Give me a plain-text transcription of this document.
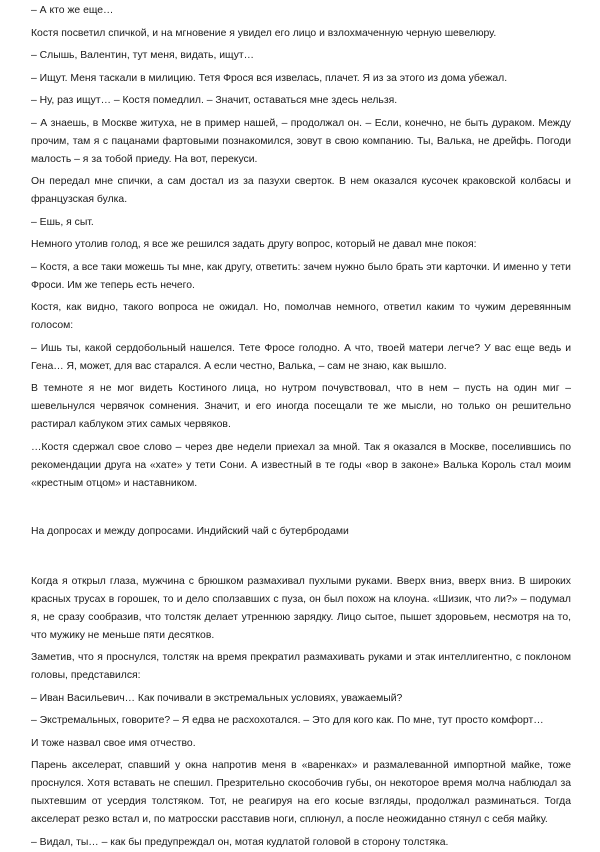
– А кто же еще…

Костя посветил спичкой, и на мгновение я увидел его лицо и взлохмаченную черную шевелюру.

– Слышь, Валентин, тут меня, видать, ищут…

– Ищут. Меня таскали в милицию. Тетя Фрося вся извелась, плачет. Я из за этого из дома убежал.

– Ну, раз ищут… – Костя помедлил. – Значит, оставаться мне здесь нельзя.

– А знаешь, в Москве житуха, не в пример нашей, – продолжал он. – Если, конечно, не быть дураком. Между прочим, там я с пацанами фартовыми познакомился, зовут в свою компанию. Ты, Валька, не дрейфь. Погоди малость – я за тобой приеду. На вот, перекуси.

Он передал мне спички, а сам достал из за пазухи сверток. В нем оказался кусочек краковской колбасы и французская булка.

– Ешь, я сыт.

Немного утолив голод, я все же решился задать другу вопрос, который не давал мне покоя:

– Костя, а все таки можешь ты мне, как другу, ответить: зачем нужно было брать эти карточки. И именно у тети Фроси. Им же теперь есть нечего.

Костя, как видно, такого вопроса не ожидал. Но, помолчав немного, ответил каким то чужим деревянным голосом:

– Ишь ты, какой сердобольный нашелся. Тете Фросе голодно. А что, твоей матери легче? У вас еще ведь и Гена… Я, может, для вас старался. А если честно, Валька, – сам не знаю, как вышло.

В темноте я не мог видеть Костиного лица, но нутром почувствовал, что в нем – пусть на один миг – шевельнулся червячок сомнения. Значит, и его иногда посещали те же мысли, но только он решительно растирал каблуком этих самых червяков.

…Костя сдержал свое слово – через две недели приехал за мной. Так я оказался в Москве, поселившись по рекомендации друга на «хате» у тети Сони. А известный в те годы «вор в законе» Валька Король стал моим «крестным отцом» и наставником.

На допросах и между допросами. Индийский чай с бутербродами

Когда я открыл глаза, мужчина с брюшком размахивал пухлыми руками. Вверх вниз, вверх вниз. В широких красных трусах в горошек, то и дело сползавших с пуза, он был похож на клоуна. «Шизик, что ли?» – подумал я, не сразу сообразив, что толстяк делает утреннюю зарядку. Лицо сытое, пышет здоровьем, несмотря на то, что мужику не меньше пяти десятков.

Заметив, что я проснулся, толстяк на время прекратил размахивать руками и этак интеллигентно, с поклоном головы, представился:

– Иван Васильевич… Как почивали в экстремальных условиях, уважаемый?

– Экстремальных, говорите? – Я едва не расхохотался. – Это для кого как. По мне, тут просто комфорт…

И тоже назвал свое имя отчество.

Парень акселерат, спавший у окна напротив меня в «варенках» и размалеванной импортной майке, тоже проснулся. Хотя вставать не спешил. Презрительно скособочив губы, он некоторое время молча наблюдал за пыхтевшим от усердия толстяком. Тот, не реагируя на его косые взгляды, продолжал разминаться. Тогда акселерат резко встал и, по матросски расставив ноги, сплюнул, а после неожиданно стянул с себя майку.

– Видал, ты… – как бы предупреждал он, мотая кудлатой головой в сторону толстяка.
